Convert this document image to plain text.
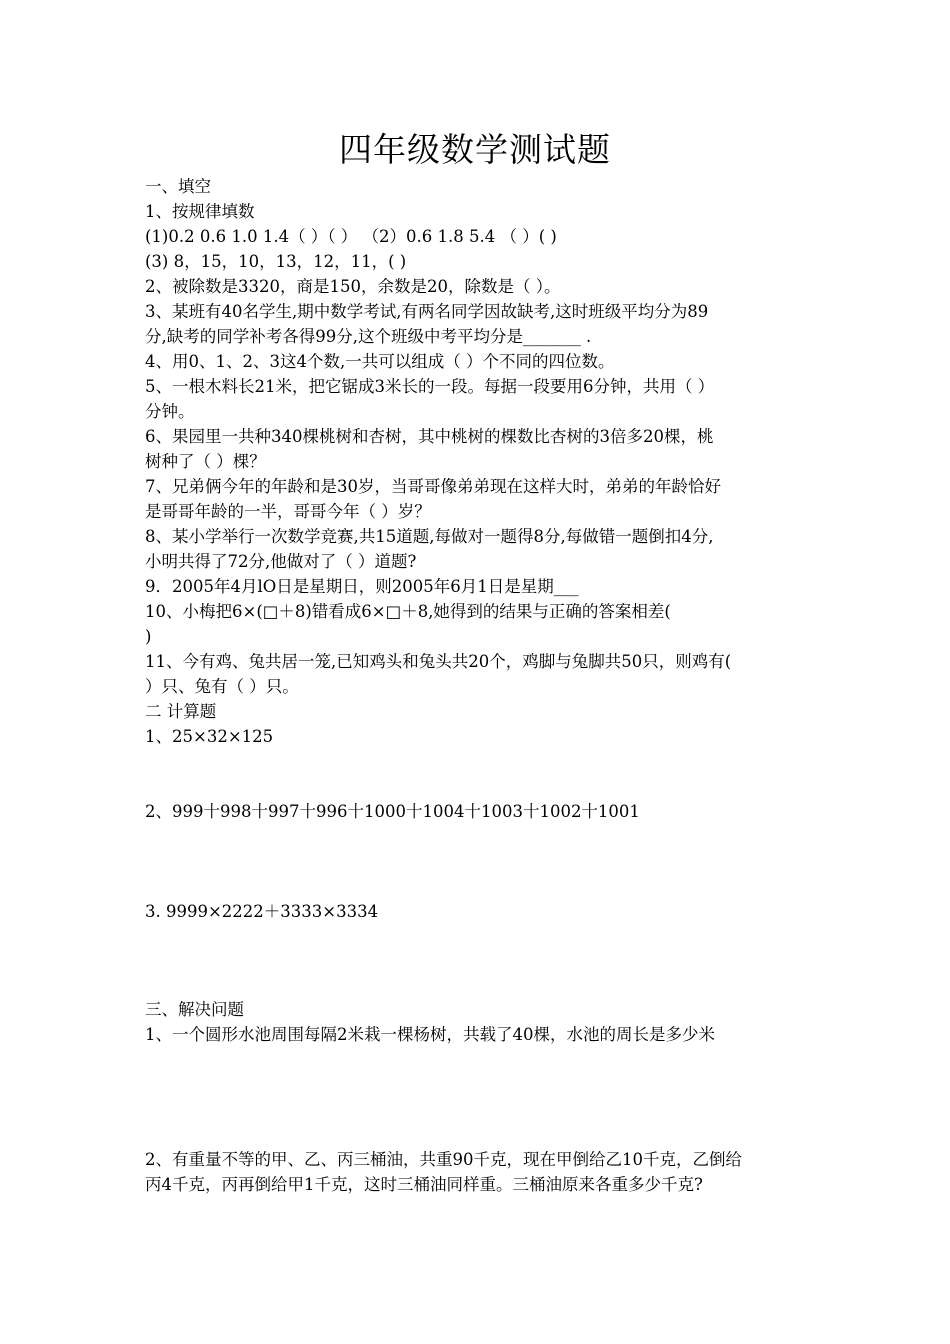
四年级数学测试题
一、填空
1、按规律填数
(1)0.2 0.6 1.0 1.4（ ）（ ） （2）0.6 1.8 5.4 （ ）( )
(3) 8，15，10，13，12，11，( )
2、被除数是3320，商是150，余数是20，除数是（ ）。
3、某班有40名学生,期中数学考试,有两名同学因故缺考,这时班级平均分为89
分,缺考的同学补考各得99分,这个班级中考平均分是_______ .
4、用0、1、2、3这4个数,一共可以组成（ ）个不同的四位数。
5、一根木料长21米，把它锯成3米长的一段。每据一段要用6分钟，共用（ ）
分钟。
6、果园里一共种340棵桃树和杏树，其中桃树的棵数比杏树的3倍多20棵，桃
树种了（ ）棵？
7、兄弟俩今年的年龄和是30岁，当哥哥像弟弟现在这样大时，弟弟的年龄恰好
是哥哥年龄的一半，哥哥今年（ ）岁？
8、某小学举行一次数学竞赛,共15道题,每做对一题得8分,每做错一题倒扣4分,
小明共得了72分,他做对了（ ）道题?
9．2005年4月lO日是星期日，则2005年6月1日是星期___
10、小梅把6×(□＋8)错看成6×□＋8,她得到的结果与正确的答案相差(
)
11、今有鸡、兔共居一笼,已知鸡头和兔头共20个，鸡脚与兔脚共50只，则鸡有(
）只、兔有（ ）只。
二 计算题
1、25×32×125
2、999十998十997十996十1000十1004十1003十1002十1001
3. 9999×2222＋3333×3334
三、解决问题
1、一个圆形水池周围每隔2米栽一棵杨树，共载了40棵，水池的周长是多少米
2、有重量不等的甲、乙、丙三桶油，共重90千克，现在甲倒给乙10千克，乙倒给
丙4千克，丙再倒给甲1千克，这时三桶油同样重。三桶油原来各重多少千克?
